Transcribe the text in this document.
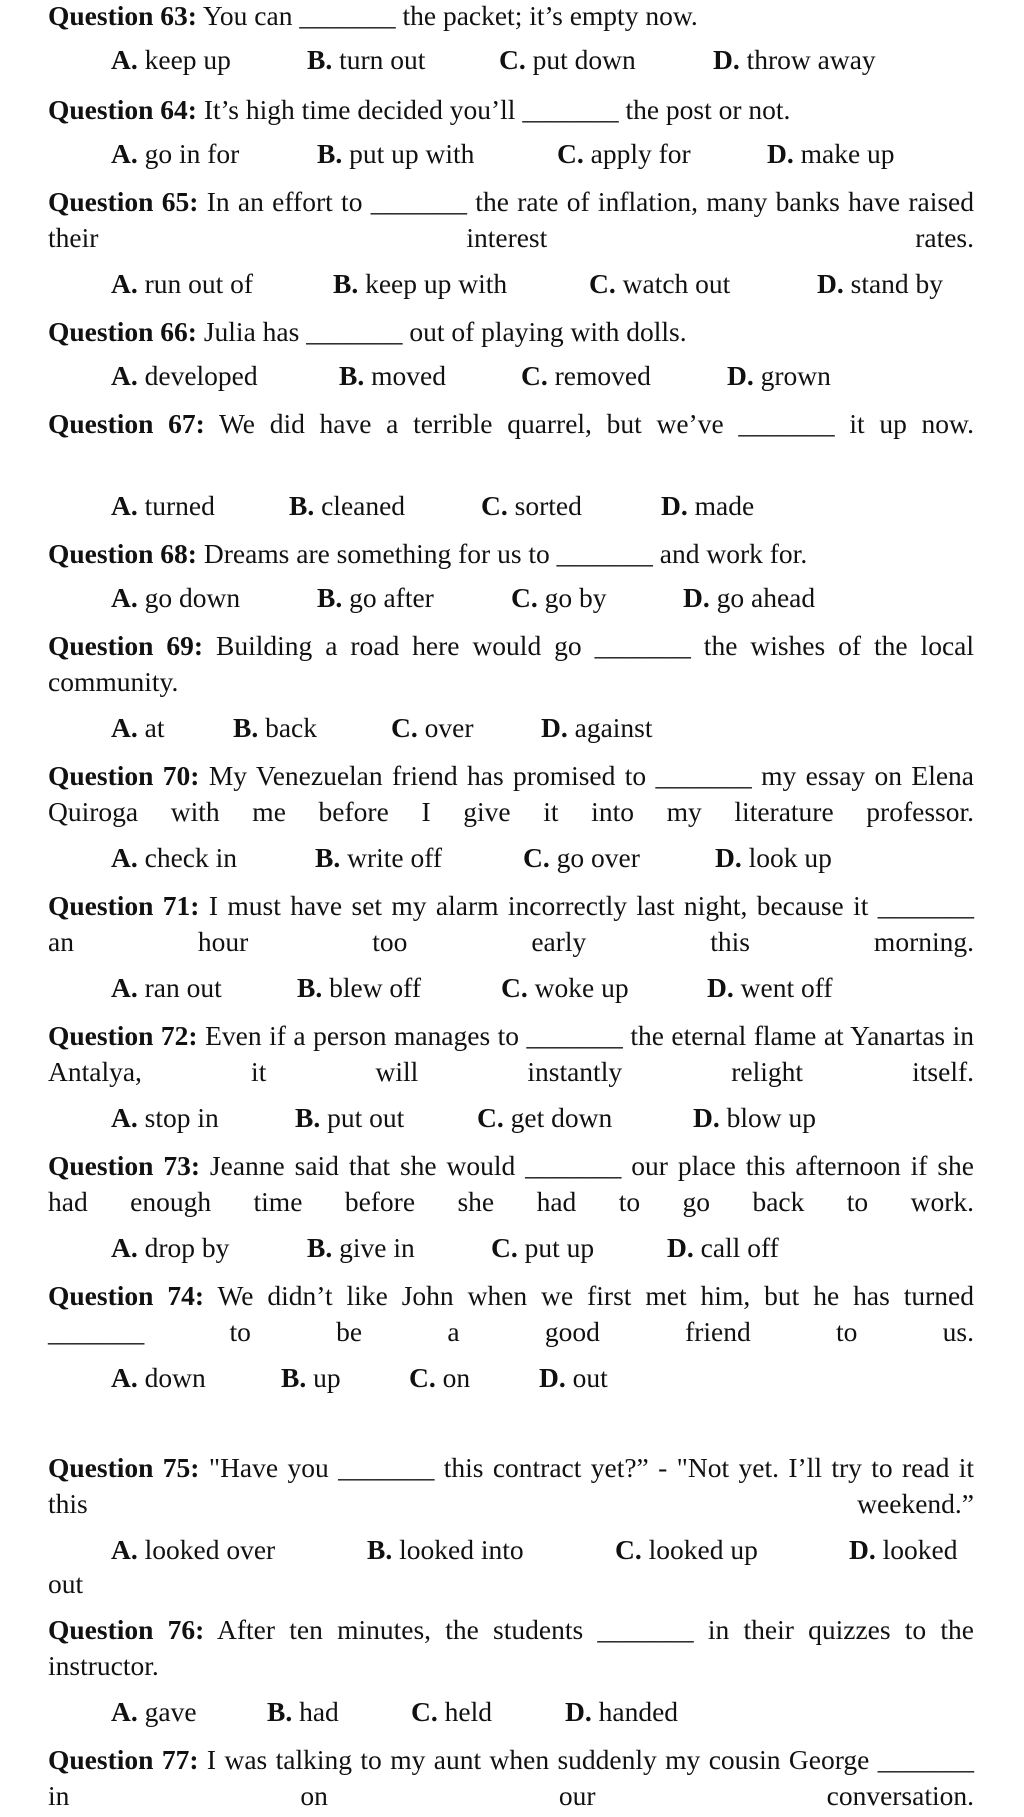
Question 63: You can _______ the packet; it’s empty now.
A. keep up	B. turn out	C. put down	D. throw away
Question 64: It’s high time decided you’ll _______ the post or not.
A. go in for	B. put up with	C. apply for	D. make up
Question 65: In an effort to _______ the rate of inflation, many banks have raised their interest rates.
A. run out of	B. keep up with	C. watch out	D. stand by
Question 66: Julia has _______ out of playing with dolls.
A. developed	B. moved	C. removed	D. grown
Question 67: We did have a terrible quarrel, but we’ve _______ it up now.
A. turned	B. cleaned	C. sorted	D. made
Question 68: Dreams are something for us to _______ and work for.
A. go down	B. go after	C. go by	D. go ahead
Question 69: Building a road here would go _______ the wishes of the local community.
A. at B. back	C. over D. against
Question 70: My Venezuelan friend has promised to _______ my essay on Elena Quiroga with me before I give it into my literature professor.
A. check in	B. write off	C. go over	D. look up
Question 71: I must have set my alarm incorrectly last night, because it _______ an hour too early this morning.
A. ran out	B. blew off	C. woke up	D. went off
Question 72: Even if a person manages to _______ the eternal flame at Yanartas in Antalya, it will instantly relight itself.
A. stop in	B. put out	C. get down	D. blow up
Question 73: Jeanne said that she would _______ our place this afternoon if she had enough time before she had to go back to work.
A. drop by	B. give in	C. put up	D. call off
Question 74: We didn’t like John when we first met him, but he has turned _______ to be a good friend to us.
A. down	B. up C. on	D. out
Question 75: "Have you _______ this contract yet?” - "Not yet. I’ll try to read it this weekend.”
A. looked over	B. looked into	C. looked up	D. looked
out
Question 76: After ten minutes, the students _______ in their quizzes to the instructor.
A. gave	B. had	C. held	D. handed
Question 77: I was talking to my aunt when suddenly my cousin George _______ in on our conversation.
